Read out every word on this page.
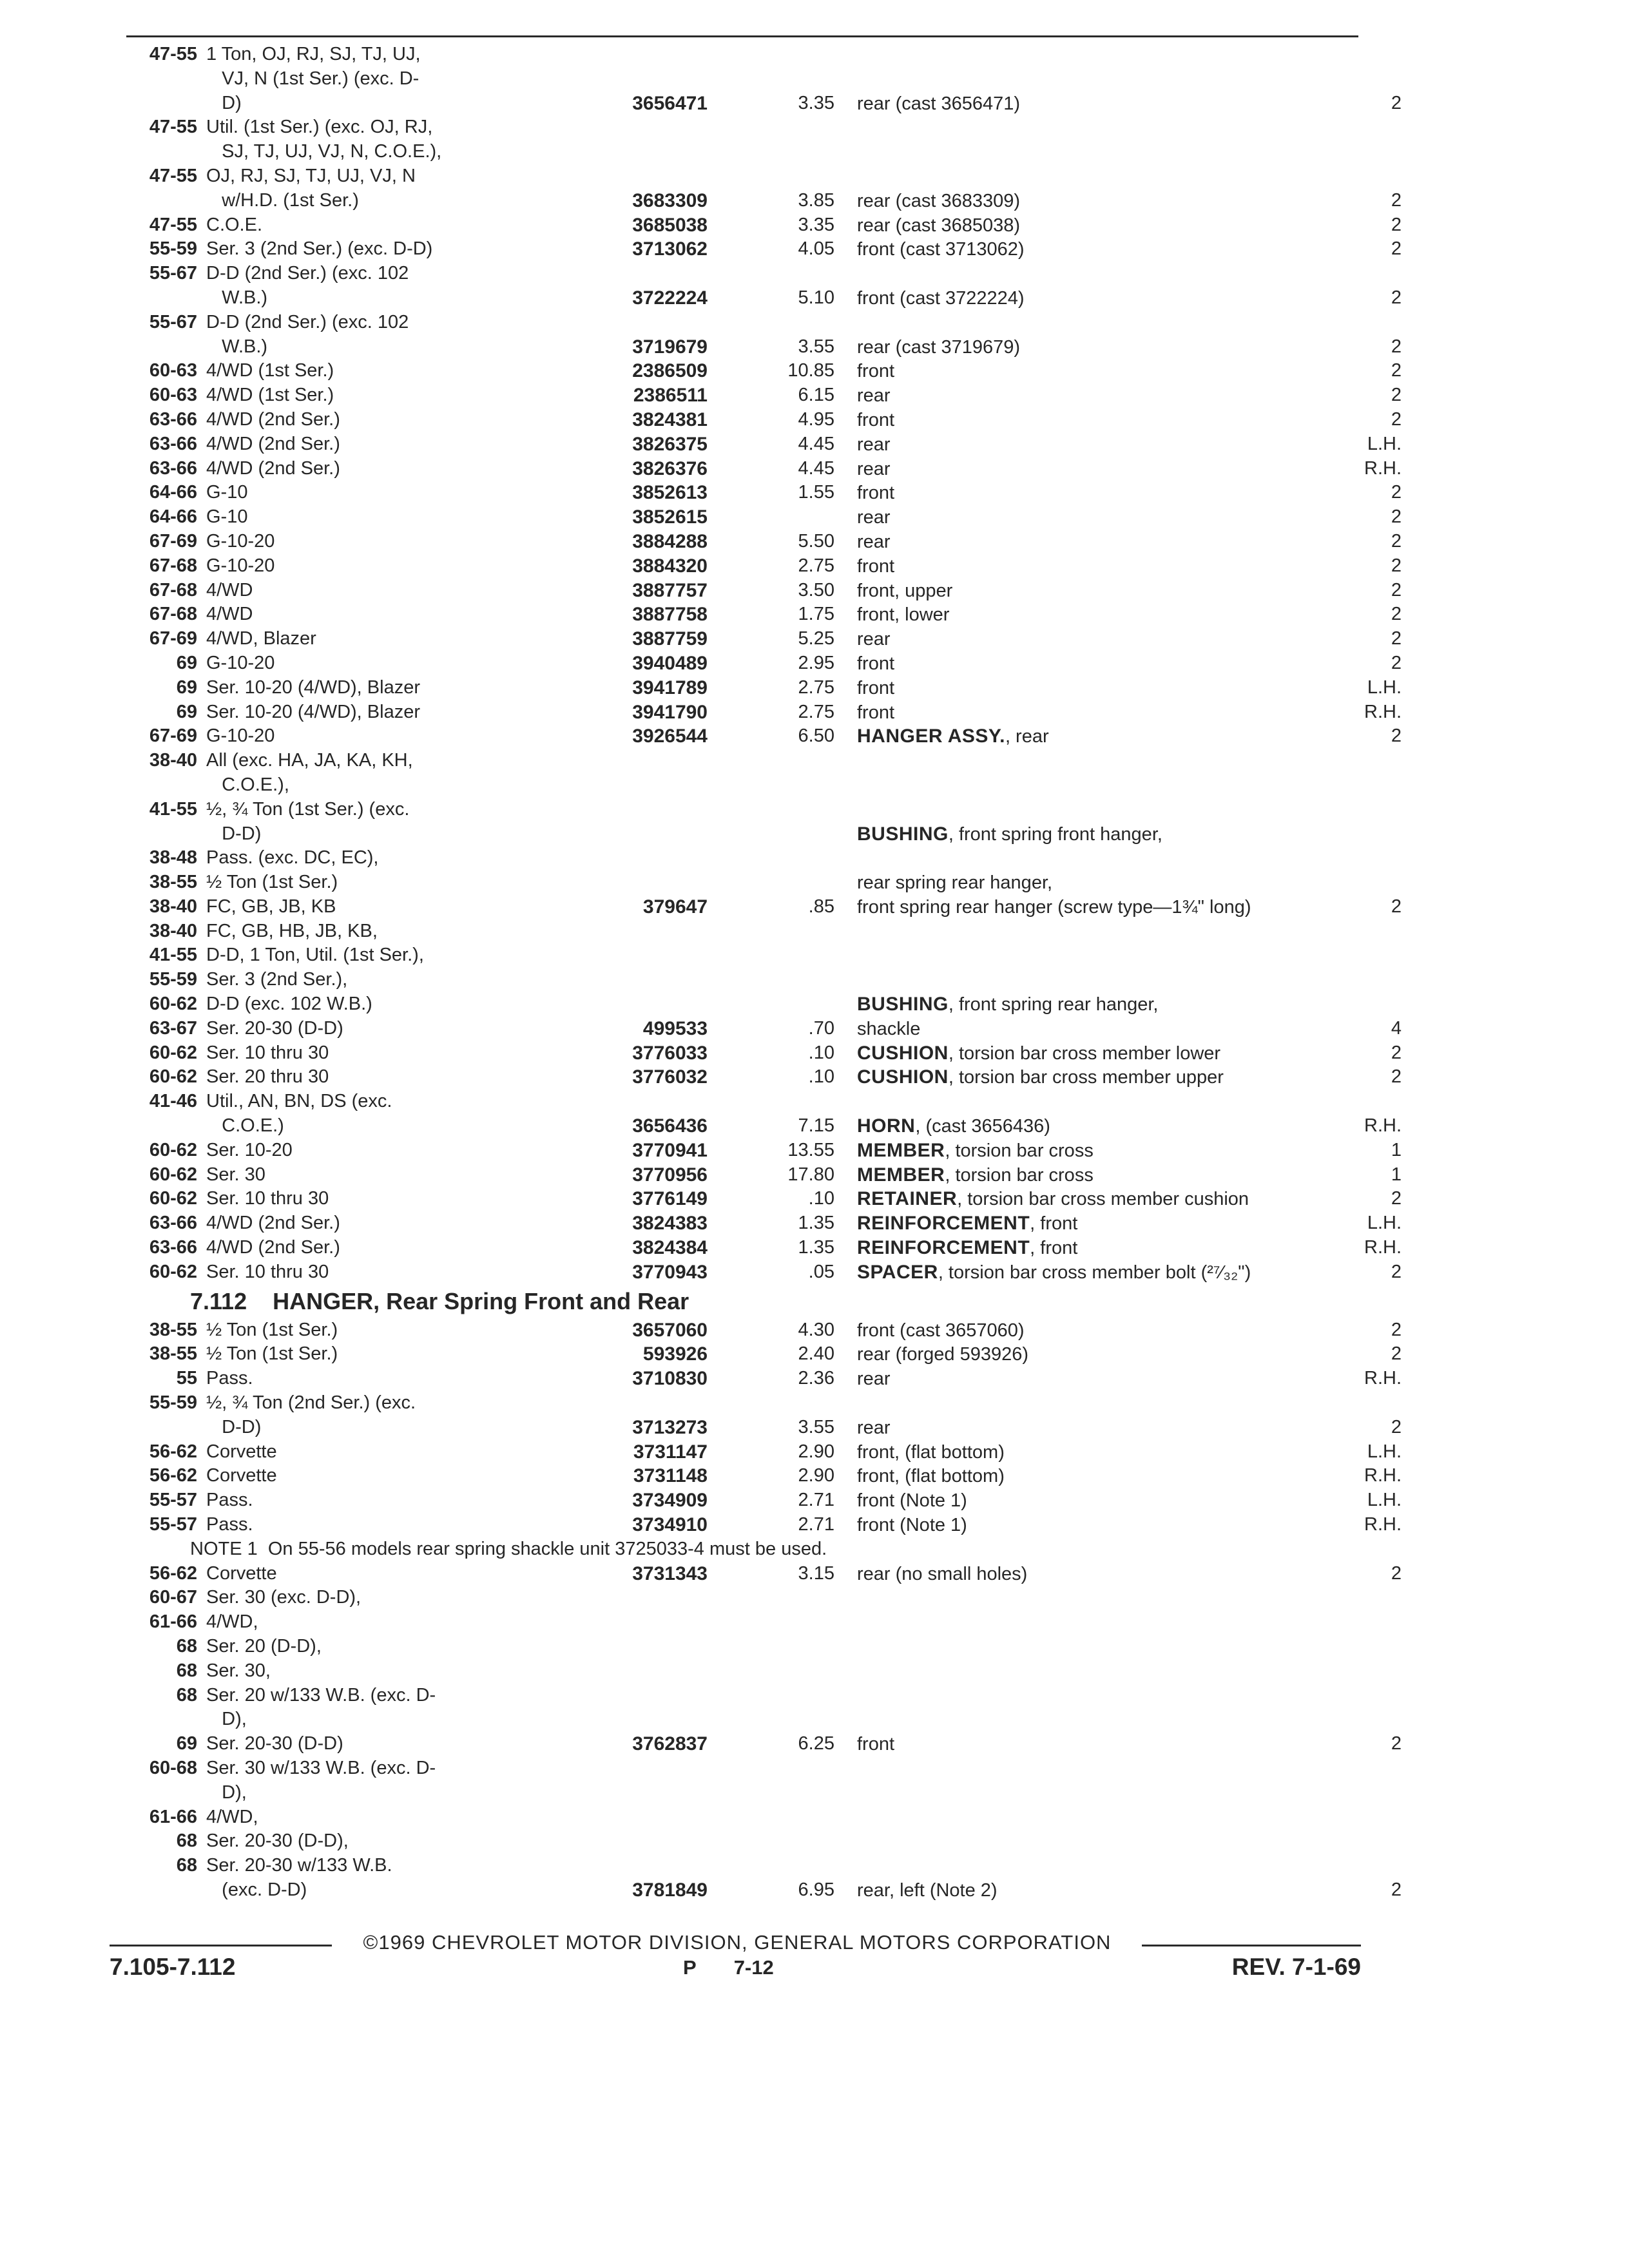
47-55 1 Ton, OJ, RJ, SJ, TJ, UJ,
VJ, N (1st Ser.) (exc. D-
D)	3656471	3.35 rear (cast 3656471)	2
47-55 Util. (1st Ser.) (exc. OJ, RJ,
SJ, TJ, UJ, VJ, N, C.O.E.),
47-55 OJ, RJ, SJ, TJ, UJ, VJ, N
w/H.D. (1st Ser.)	3683309	3.85 rear (cast 3683309)	2
47-55 C.O.E.	3685038	3.35 rear (cast 3685038)	2
55-59 Ser. 3 (2nd Ser.) (exc. D-D)	3713062	4.05 front (cast 3713062)	2
55-67 D-D (2nd Ser.) (exc. 102
W.B.)	3722224	5.10 front (cast 3722224)	2
55-67 D-D (2nd Ser.) (exc. 102
W.B.)	3719679	3.55 rear (cast 3719679)	2
60-63 4/WD (1st Ser.)	2386509	10.85 front	2
60-63 4/WD (1st Ser.)	2386511	6.15 rear	2
63-66 4/WD (2nd Ser.)	3824381	4.95 front	2
63-66 4/WD (2nd Ser.)	3826375	4.45 rear	L.H.
63-66 4/WD (2nd Ser.)	3826376	4.45 rear	R.H.
64-66 G-10	3852613	1.55 front	2
64-66 G-10	3852615	rear	2
67-69 G-10-20	3884288	5.50 rear	2
67-68 G-10-20	3884320	2.75 front	2
67-68 4/WD	3887757	3.50 front, upper	2
67-68 4/WD	3887758	1.75 front, lower	2
67-69 4/WD, Blazer	3887759	5.25 rear	2
69 G-10-20	3940489	2.95 front	2
69 Ser. 10-20 (4/WD), Blazer	3941789	2.75 front	L.H.
69 Ser. 10-20 (4/WD), Blazer	3941790	2.75 front	R.H.
67-69 G-10-20	3926544	6.50 HANGER ASSY., rear	2
38-40 All (exc. HA, JA, KA, KH,
C.O.E.),
41-55 ½, ¾ Ton (1st Ser.) (exc.
D-D)	BUSHING, front spring front hanger,
38-48 Pass. (exc. DC, EC),
38-55 ½ Ton (1st Ser.)	rear spring rear hanger,
38-40 FC, GB, JB, KB	379647	.85 front spring rear hanger (screw type—1¾" long)	2
38-40 FC, GB, HB, JB, KB,
41-55 D-D, 1 Ton, Util. (1st Ser.),
55-59 Ser. 3 (2nd Ser.),
60-62 D-D (exc. 102 W.B.)	BUSHING, front spring rear hanger,
63-67 Ser. 20-30 (D-D)	499533	.70 shackle	4
60-62 Ser. 10 thru 30	3776033	.10 CUSHION, torsion bar cross member lower	2
60-62 Ser. 20 thru 30	3776032	.10 CUSHION, torsion bar cross member upper	2
41-46 Util., AN, BN, DS (exc.
C.O.E.)	3656436	7.15 HORN, (cast 3656436)	R.H.
60-62 Ser. 10-20	3770941	13.55 MEMBER, torsion bar cross	1
60-62 Ser. 30	3770956	17.80 MEMBER, torsion bar cross	1
60-62 Ser. 10 thru 30	3776149	.10 RETAINER, torsion bar cross member cushion	2
63-66 4/WD (2nd Ser.)	3824383	1.35 REINFORCEMENT, front	L.H.
63-66 4/WD (2nd Ser.)	3824384	1.35 REINFORCEMENT, front	R.H.
60-62 Ser. 10 thru 30	3770943	.05 SPACER, torsion bar cross member bolt (²⁷⁄₃₂")	2
7.112    HANGER, Rear Spring Front and Rear
38-55 ½ Ton (1st Ser.)	3657060	4.30 front (cast 3657060)	2
38-55 ½ Ton (1st Ser.)	593926	2.40 rear (forged 593926)	2
55 Pass.	3710830	2.36 rear	R.H.
55-59 ½, ¾ Ton (2nd Ser.) (exc.
D-D)	3713273	3.55 rear	2
56-62 Corvette	3731147	2.90 front, (flat bottom)	L.H.
56-62 Corvette	3731148	2.90 front, (flat bottom)	R.H.
55-57 Pass.	3734909	2.71 front (Note 1)	L.H.
55-57 Pass.	3734910	2.71 front (Note 1)	R.H.
NOTE 1  On 55-56 models rear spring shackle unit 3725033-4 must be used.
56-62 Corvette	3731343	3.15 rear (no small holes)	2
60-67 Ser. 30 (exc. D-D),
61-66 4/WD,
68 Ser. 20 (D-D),
68 Ser. 30,
68 Ser. 20 w/133 W.B. (exc. D-
D),
69 Ser. 20-30 (D-D)	3762837	6.25 front	2
60-68 Ser. 30 w/133 W.B. (exc. D-
D),
61-66 4/WD,
68 Ser. 20-30 (D-D),
68 Ser. 20-30 w/133 W.B.
(exc. D-D)	3781849	6.95 rear, left (Note 2)	2
©1969 CHEVROLET MOTOR DIVISION, GENERAL MOTORS CORPORATION
7.105-7.112	P 7-12	REV. 7-1-69
